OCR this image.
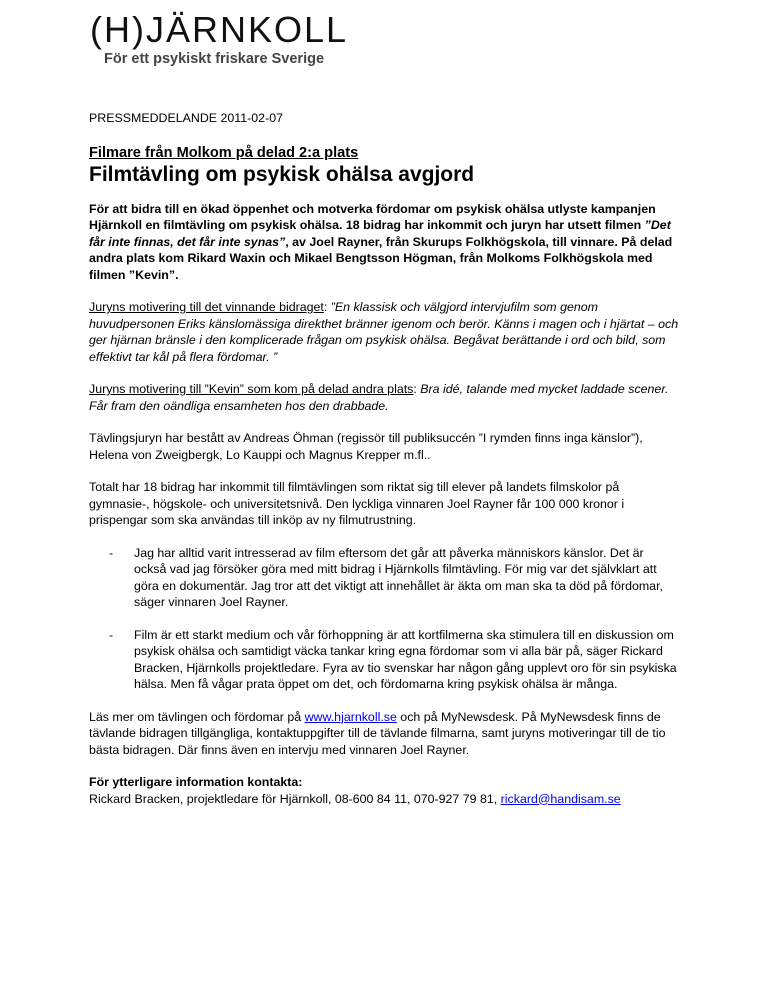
(H)JÄRNKOLL
För ett psykiskt friskare Sverige

PRESSMEDDELANDE 2011-02-07

Filmare från Molkom på delad 2:a plats

Filmtävling om psykisk ohälsa avgjord

För att bidra till en ökad öppenhet och motverka fördomar om psykisk ohälsa utlyste kampanjen Hjärnkoll en filmtävling om psykisk ohälsa. 18 bidrag har inkommit och juryn har utsett filmen ”Det får inte finnas, det får inte synas”, av Joel Rayner, från Skurups Folkhögskola, till vinnare. På delad andra plats kom Rikard Waxin och Mikael Bengtsson Högman, från Molkoms Folkhögskola med filmen ”Kevin”.

Juryns motivering till det vinnande bidraget: ”En klassisk och välgjord intervjufilm som genom huvudpersonen Eriks känslomässiga direkthet bränner igenom och berör. Känns i magen och i hjärtat – och ger hjärnan bränsle i den komplicerade frågan om psykisk ohälsa. Begåvat berättande i ord och bild, som effektivt tar kål på flera fördomar. ”

Juryns motivering till ”Kevin” som kom på delad andra plats: Bra idé, talande med mycket laddade scener. Får fram den oändliga ensamheten hos den drabbade.

Tävlingsjuryn har bestått av Andreas Öhman (regissör till publiksuccén ”I rymden finns inga känslor”), Helena von Zweigbergk, Lo Kauppi och Magnus Krepper m.fl..

Totalt har 18 bidrag har inkommit till filmtävlingen som riktat sig till elever på landets filmskolor på gymnasie-, högskole- och universitetsnivå. Den lyckliga vinnaren Joel Rayner får 100 000 kronor i prispengar som ska användas till inköp av ny filmutrustning.

- Jag har alltid varit intresserad av film eftersom det går att påverka människors känslor. Det är också vad jag försöker göra med mitt bidrag i Hjärnkolls filmtävling. För mig var det självklart att göra en dokumentär. Jag tror att det viktigt att innehållet är äkta om man ska ta död på fördomar, säger vinnaren Joel Rayner.
- Film är ett starkt medium och vår förhoppning är att kortfilmerna ska stimulera till en diskussion om psykisk ohälsa och samtidigt väcka tankar kring egna fördomar som vi alla bär på, säger Rickard Bracken, Hjärnkolls projektledare. Fyra av tio svenskar har någon gång upplevt oro för sin psykiska hälsa. Men få vågar prata öppet om det, och fördomarna kring psykisk ohälsa är många.

Läs mer om tävlingen och fördomar på www.hjarnkoll.se och på MyNewsdesk. På MyNewsdesk finns de tävlande bidragen tillgängliga, kontaktuppgifter till de tävlande filmarna, samt juryns motiveringar till de tio bästa bidragen. Där finns även en intervju med vinnaren Joel Rayner.

För ytterligare information kontakta:

Rickard Bracken, projektledare för Hjärnkoll, 08-600 84 11, 070-927 79 81, rickard@handisam.se
